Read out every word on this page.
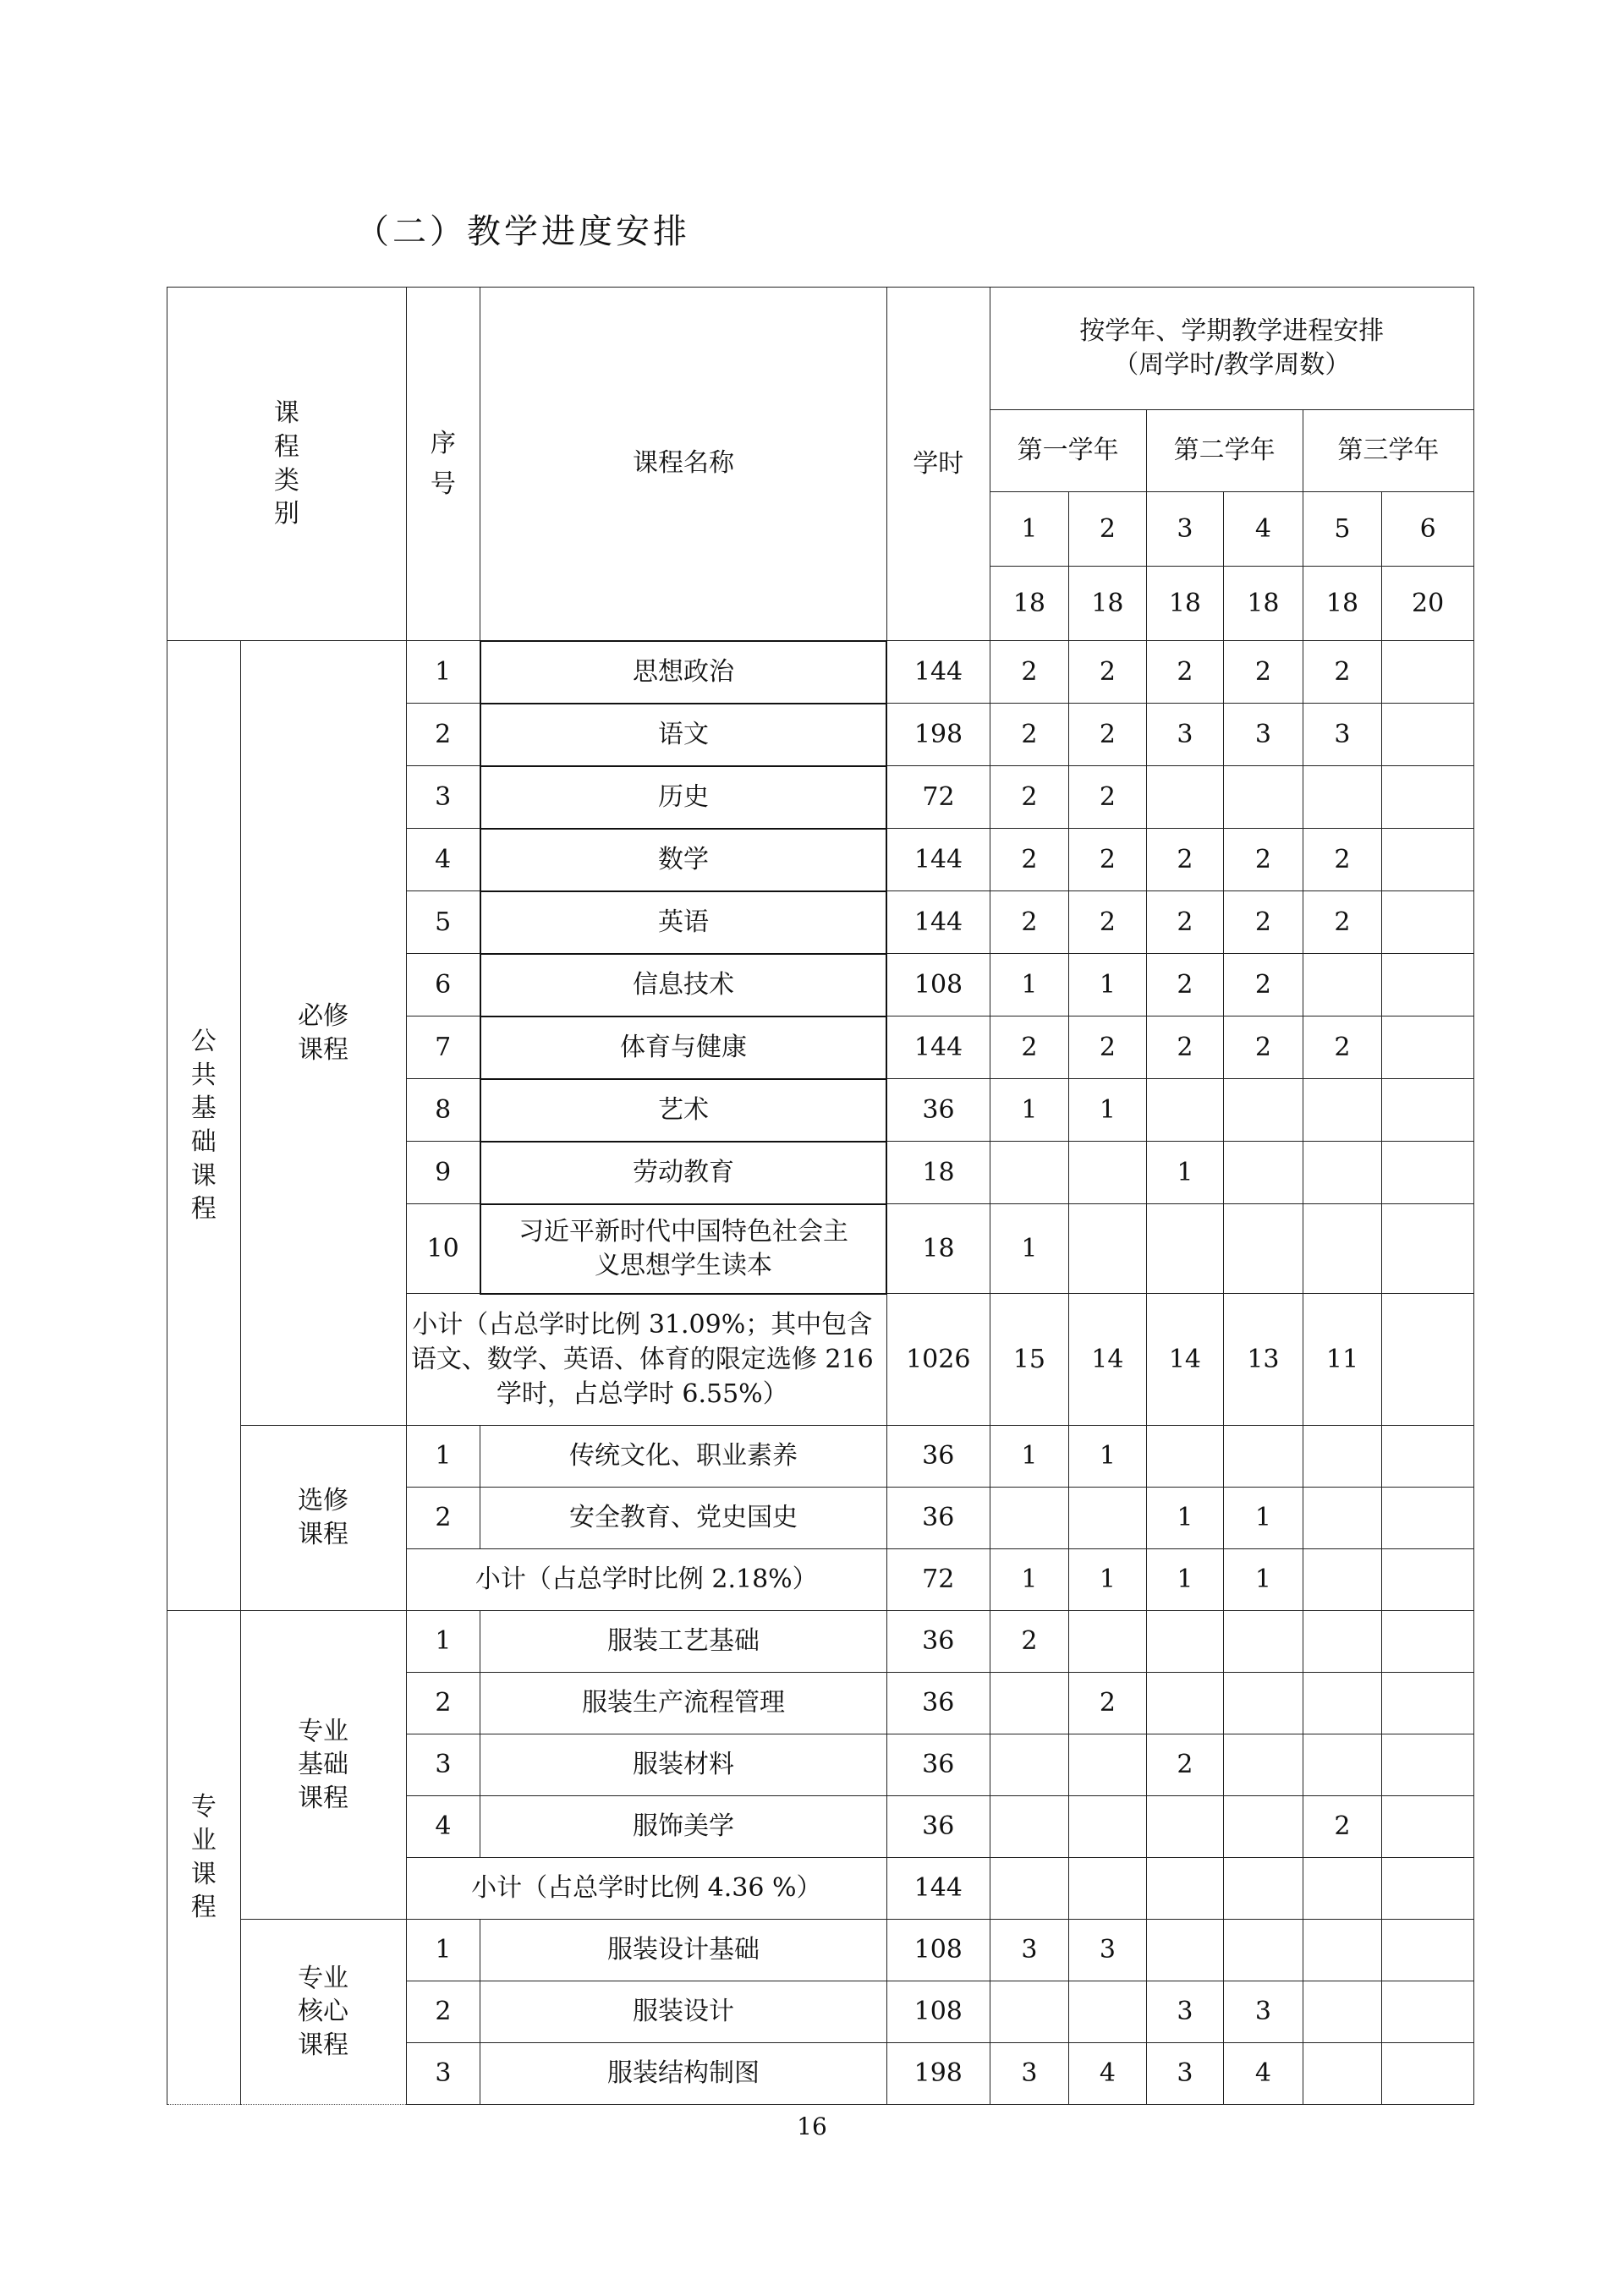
（二）教学进度安排
课程类别		序号	课程名称	学时	按学年、学期教学进程安排
（周学时/教学周数）					

					第一学年		第二学年		第三学年	
					1	2	3	4	5	6
					18	18	18	18	18	20
公共基础课程	必修课程	1	思想政治	144	2	2	2	2	2	
		2	语文	198	2	2	3	3	3	
		3	历史	72	2	2				
		4	数学	144	2	2	2	2	2	
		5	英语	144	2	2	2	2	2	
		6	信息技术	108	1	1	2	2		
		7	体育与健康	144	2	2	2	2	2	
		8	艺术	36	1	1				
		9	劳动教育	18			1			
		10	习近平新时代中国特色社会主义思想学生读本	18	1					
		小计（占总学时比例 31.09%；其中包含语文、数学、英语、体育的限定选修 216 学时，占总学时 6.55%）		1026	15	14	14	13	11	

	选修课程	1	传统文化、职业素养	36	1	1				
		2	安全教育、党史国史	36			1	1		
		小计（占总学时比例 2.18%）		72	1	1	1	1		

专业课程	专业基础课程	1	服装工艺基础	36	2					
		2	服装生产流程管理	36		2				
		3	服装材料	36			2			
		4	服饰美学	36					2	
		小计（占总学时比例 4.36 %）		144						
	专业核心课程	1	服装设计基础	108	3	3				
		2	服装设计	108			3	3		
		3	服装结构制图	198	3	4	3	4		
16
